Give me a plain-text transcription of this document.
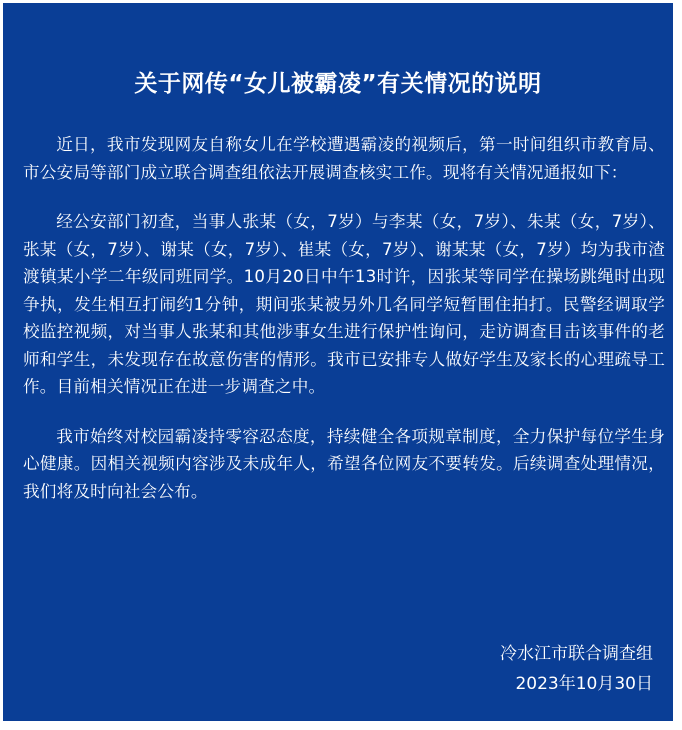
关于网传“女儿被霸凌”有关情况的说明

近日，我市发现网友自称女儿在学校遭遇霸凌的视频后，第一时间组织市教育局、市公安局等部门成立联合调查组依法开展调查核实工作。现将有关情况通报如下：

经公安部门初查，当事人张某（女，7岁）与李某（女，7岁）、朱某（女，7岁）、张某（女，7岁）、谢某（女，7岁）、崔某（女，7岁）、谢某某（女，7岁）均为我市渣渡镇某小学二年级同班同学。10月20日中午13时许，因张某等同学在操场跳绳时出现争执，发生相互打闹约1分钟，期间张某被另外几名同学短暂围住拍打。民警经调取学校监控视频，对当事人张某和其他涉事女生进行保护性询问，走访调查目击该事件的老师和学生，未发现存在故意伤害的情形。我市已安排专人做好学生及家长的心理疏导工作。目前相关情况正在进一步调查之中。

我市始终对校园霸凌持零容忍态度，持续健全各项规章制度，全力保护每位学生身心健康。因相关视频内容涉及未成年人，希望各位网友不要转发。后续调查处理情况，我们将及时向社会公布。

冷水江市联合调查组
2023年10月30日
